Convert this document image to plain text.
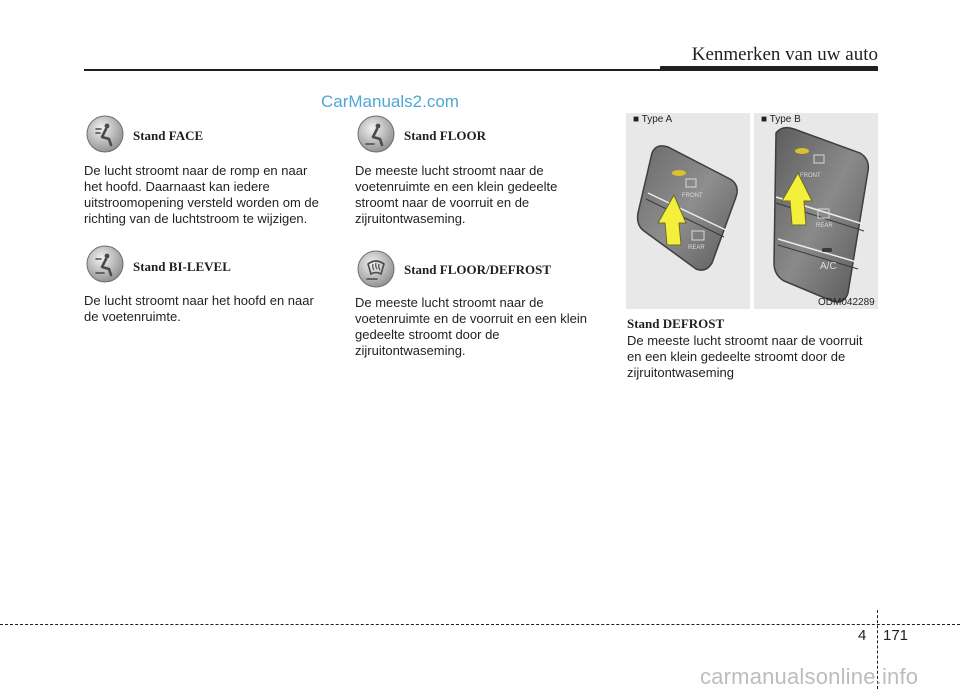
Kenmerken van uw auto
CarManuals2.com
Stand FACE
De lucht stroomt naar de romp en naar
het hoofd. Daarnaast kan iedere
uitstroomopening versteld worden om de
richting van de luchtstroom te wijzigen.
Stand BI-LEVEL
De lucht stroomt naar het hoofd en naar
de voetenruimte.
Stand FLOOR
De meeste lucht stroomt naar de
voetenruimte en een klein gedeelte
stroomt naar de voorruit en de
zijruitontwaseming.
Stand FLOOR/DEFROST
De meeste lucht stroomt naar de
voetenruimte en de voorruit en een klein
gedeelte stroomt door de
zijruitontwaseming.
FRONT
REAR
FRONT
REAR
A/C
■ Type A	■ Type B
ODM042289
Stand DEFROST
De meeste lucht stroomt naar de voorruit
en een klein gedeelte stroomt door de
zijruitontwaseming
4 171
carmanualsonline.info
